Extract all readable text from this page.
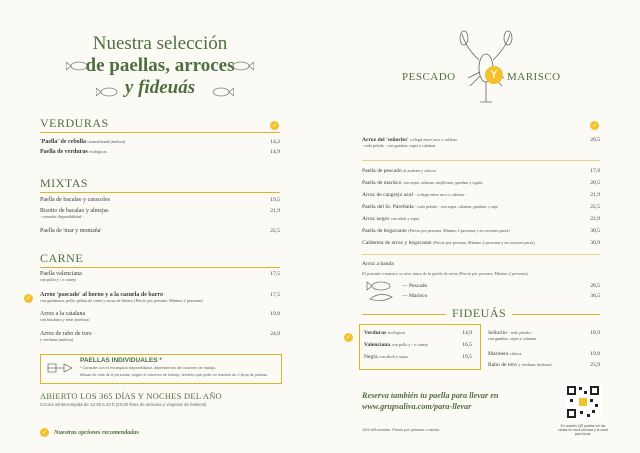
Nuestra selección
de paellas, arroces
y fideuás	PESCADO	Y MARISCO
VERDURAS	✓
'Paella' de cebolla caramelizada (melosa)	14,2
Paella de verduras ecológicas	14,9
MIXTAS
Paella de bacalao y caracoles	19,5
Risotto de bacalao y almejas	21,9

- consulte disponibilidad -
Paella de 'mar y montaña'	22,5
CARNE
Paella valenciana	17,5

con pollo y / o conejo
✓	Arroz 'pascado' al horno y a la cazuela de barro	17,5

con garbanzos, pollo, pelota de carne y zorza de ibérico (Precio por persona. Mínimo 2 personas)
Arroz a la catalana	19,9

con butifarra y setas (melosa)
Arroz de rabo de toro	24,9

y verduras (melosa)
PAELLAS INDIVIDUALES *
* Consulte con el encargado disponibilidad, dependiendo del volumen de trabajo.
Mesas de más de 8 personas, según el volumen de trabajo, tendrán que pedir un máximo de 2 tipos de paellas.
ABIERTO LOS 365 DÍAS Y NOCHES DEL AÑO
Cocina ininterrumpida de 12:30 a 23 h (23:30 fines de semana y vísperas de festivos)
✓	Nuestras opciones recomendadas
✓
Arroz del 'señorito' a elegir entre seco o caldoso	20,5

- todo pelado - con gambas, sepia y calamar
Paella de pescado al azafrán y cítricos	17,9
Paella de marisco con sepia, calamar, mejillones, gambas y cigala	20,5
Arroz de cangrejo azul - a elegir entre seco o caldoso -	21,9
Paella del Sr. Parellada - todo pelado - con sepia, calamar, gambas y rape	22,5
Arroz negro con alioli y sepia	22,9
Paella de bogavante (Precio por persona. Mínimo 2 personas y en raciones pares)	30,5
Caldereta de arroz y bogavante (Precio por persona. Mínimo 2 personas y en raciones pares)	30,9
Arroz a banda
El pescado o marisco se sirve antes de la paella de arroz (Precio por persona. Mínimo 2 personas)
— Pescado	28,5
— Marisco	36,5
FIDEUÁS
✓
Verduras ecológicas	14,9
Valenciana con pollo y / o conejo	16,5
Negra con alioli y sepia	19,5
Señorito - todo pelado -	18,9

con gambas, sepia y calamar
Marinera clásica	19,9
Rabo de toro y verduras (melosa)	23,9
Reserva también tu paella para llevar en
www.grupsaliva.com/para-llevar
10% IVA incluido. Precio por persona o ración.
En nuestro QR podrás ver las cartas en otros idiomas y la carta para llevar.
